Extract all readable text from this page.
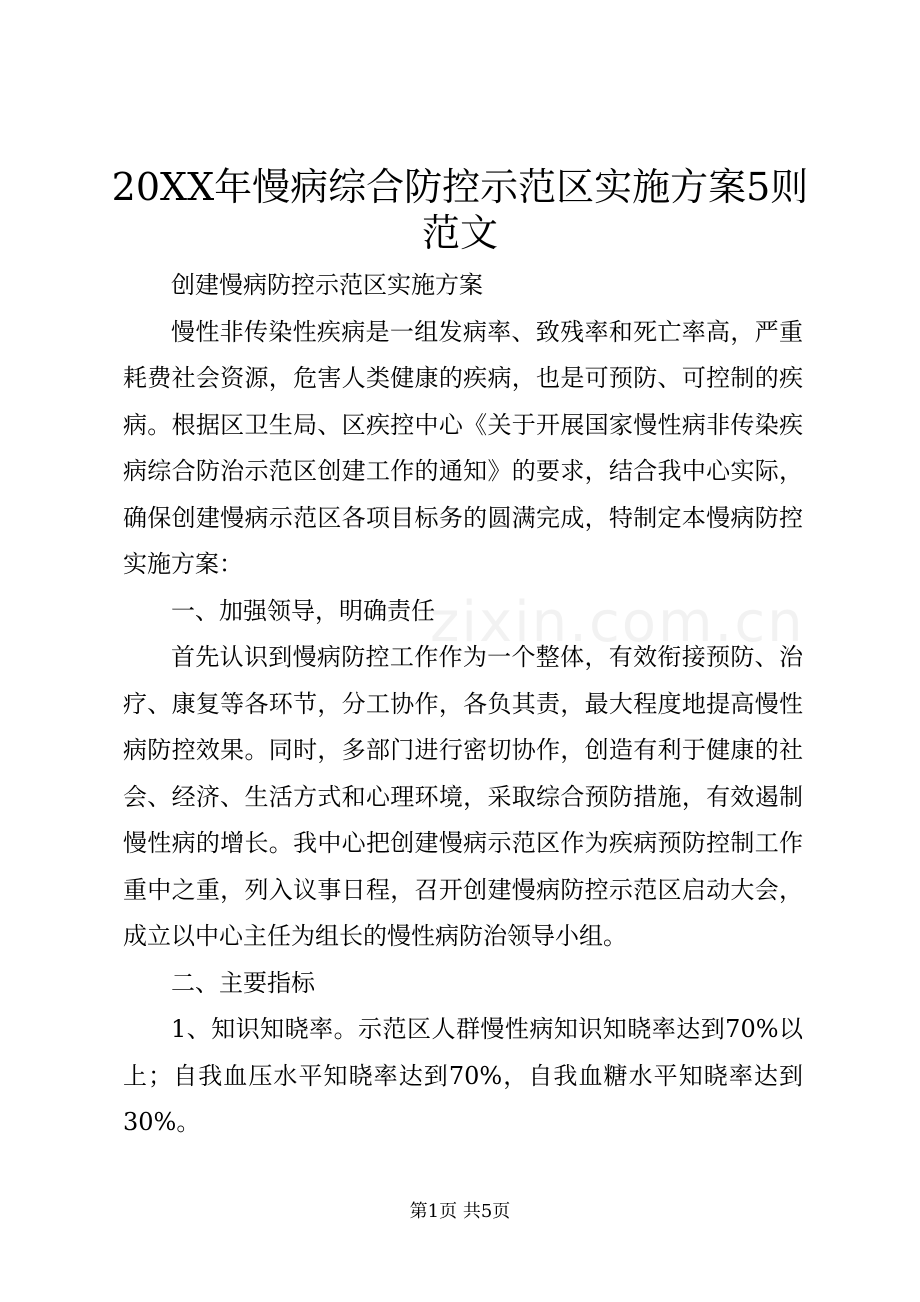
20XX年慢病综合防控示范区实施方案5则范文
zixin.com.cn

创建慢病防控示范区实施方案

慢性非传染性疾病是一组发病率、致残率和死亡率高，严重耗费社会资源，危害人类健康的疾病，也是可预防、可控制的疾病。根据区卫生局、区疾控中心《关于开展国家慢性病非传染疾病综合防治示范区创建工作的通知》的要求，结合我中心实际，确保创建慢病示范区各项目标务的圆满完成，特制定本慢病防控实施方案：

一、加强领导，明确责任

首先认识到慢病防控工作作为一个整体，有效衔接预防、治疗、康复等各环节，分工协作，各负其责，最大程度地提高慢性病防控效果。同时，多部门进行密切协作，创造有利于健康的社会、经济、生活方式和心理环境，采取综合预防措施，有效遏制慢性病的增长。我中心把创建慢病示范区作为疾病预防控制工作重中之重，列入议事日程，召开创建慢病防控示范区启动大会，成立以中心主任为组长的慢性病防治领导小组。

二、主要指标

1、知识知晓率。示范区人群慢性病知识知晓率达到70%以上；自我血压水平知晓率达到70%，自我血糖水平知晓率达到30%。

第1页 共5页
